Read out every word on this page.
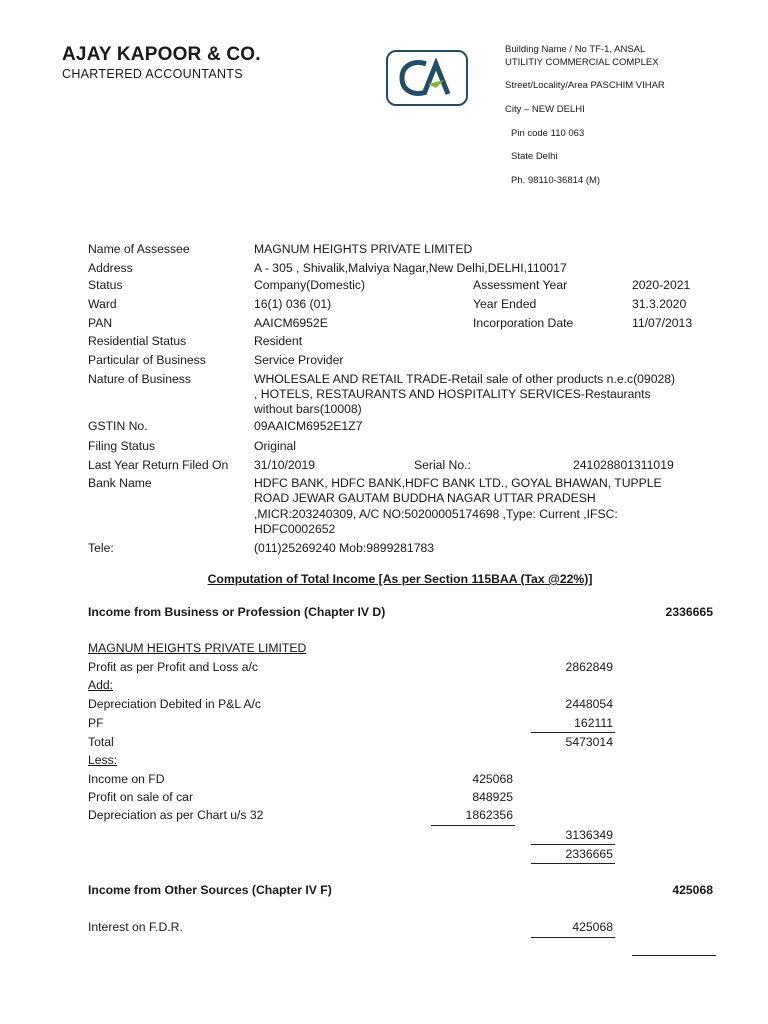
AJAY KAPOOR & CO.
CHARTERED ACCOUNTANTS
Building Name / No TF-1, ANSAL
UTILITIY COMMERCIAL COMPLEX
Street/Locality/Area PASCHIM VIHAR
City – NEW DELHI
Pin code 110 063
State Delhi
Ph. 98110-36814 (M)
Name of Assessee	MAGNUM HEIGHTS PRIVATE LIMITED
Address	A - 305 , Shivalik,Malviya Nagar,New Delhi,DELHI,110017
Status	Company(Domestic)	Assessment Year	2020-2021
Ward	16(1) 036 (01)	Year Ended	31.3.2020
PAN	AAICM6952E	Incorporation Date	11/07/2013
Residential Status	Resident
Particular of Business	Service Provider
Nature of Business	WHOLESALE AND RETAIL TRADE-Retail sale of other products n.e.c(09028)
, HOTELS, RESTAURANTS AND HOSPITALITY SERVICES-Restaurants
without bars(10008)
GSTIN No.	09AAICM6952E1Z7
Filing Status	Original
Last Year Return Filed On 31/10/2019	Serial No.:	241028801311019
Bank Name	HDFC BANK, HDFC BANK,HDFC BANK LTD., GOYAL BHAWAN, TUPPLE
ROAD JEWAR GAUTAM BUDDHA NAGAR UTTAR PRADESH
,MICR:203240309, A/C NO:50200005174698 ,Type: Current ,IFSC:
HDFC0002652
Tele:	(011)25269240 Mob:9899281783
Computation of Total Income [As per Section 115BAA (Tax @22%)]
Income from Business or Profession (Chapter IV D)	2336665
MAGNUM HEIGHTS PRIVATE LIMITED
Profit as per Profit and Loss a/c	2862849
Add:
Depreciation Debited in P&L A/c	2448054
PF	162111
Total	5473014
Less:
Income on FD	425068
Profit on sale of car	848925
Depreciation as per Chart u/s 32	1862356
3136349
2336665
Income from Other Sources (Chapter IV F)	425068
Interest on F.D.R.	425068
